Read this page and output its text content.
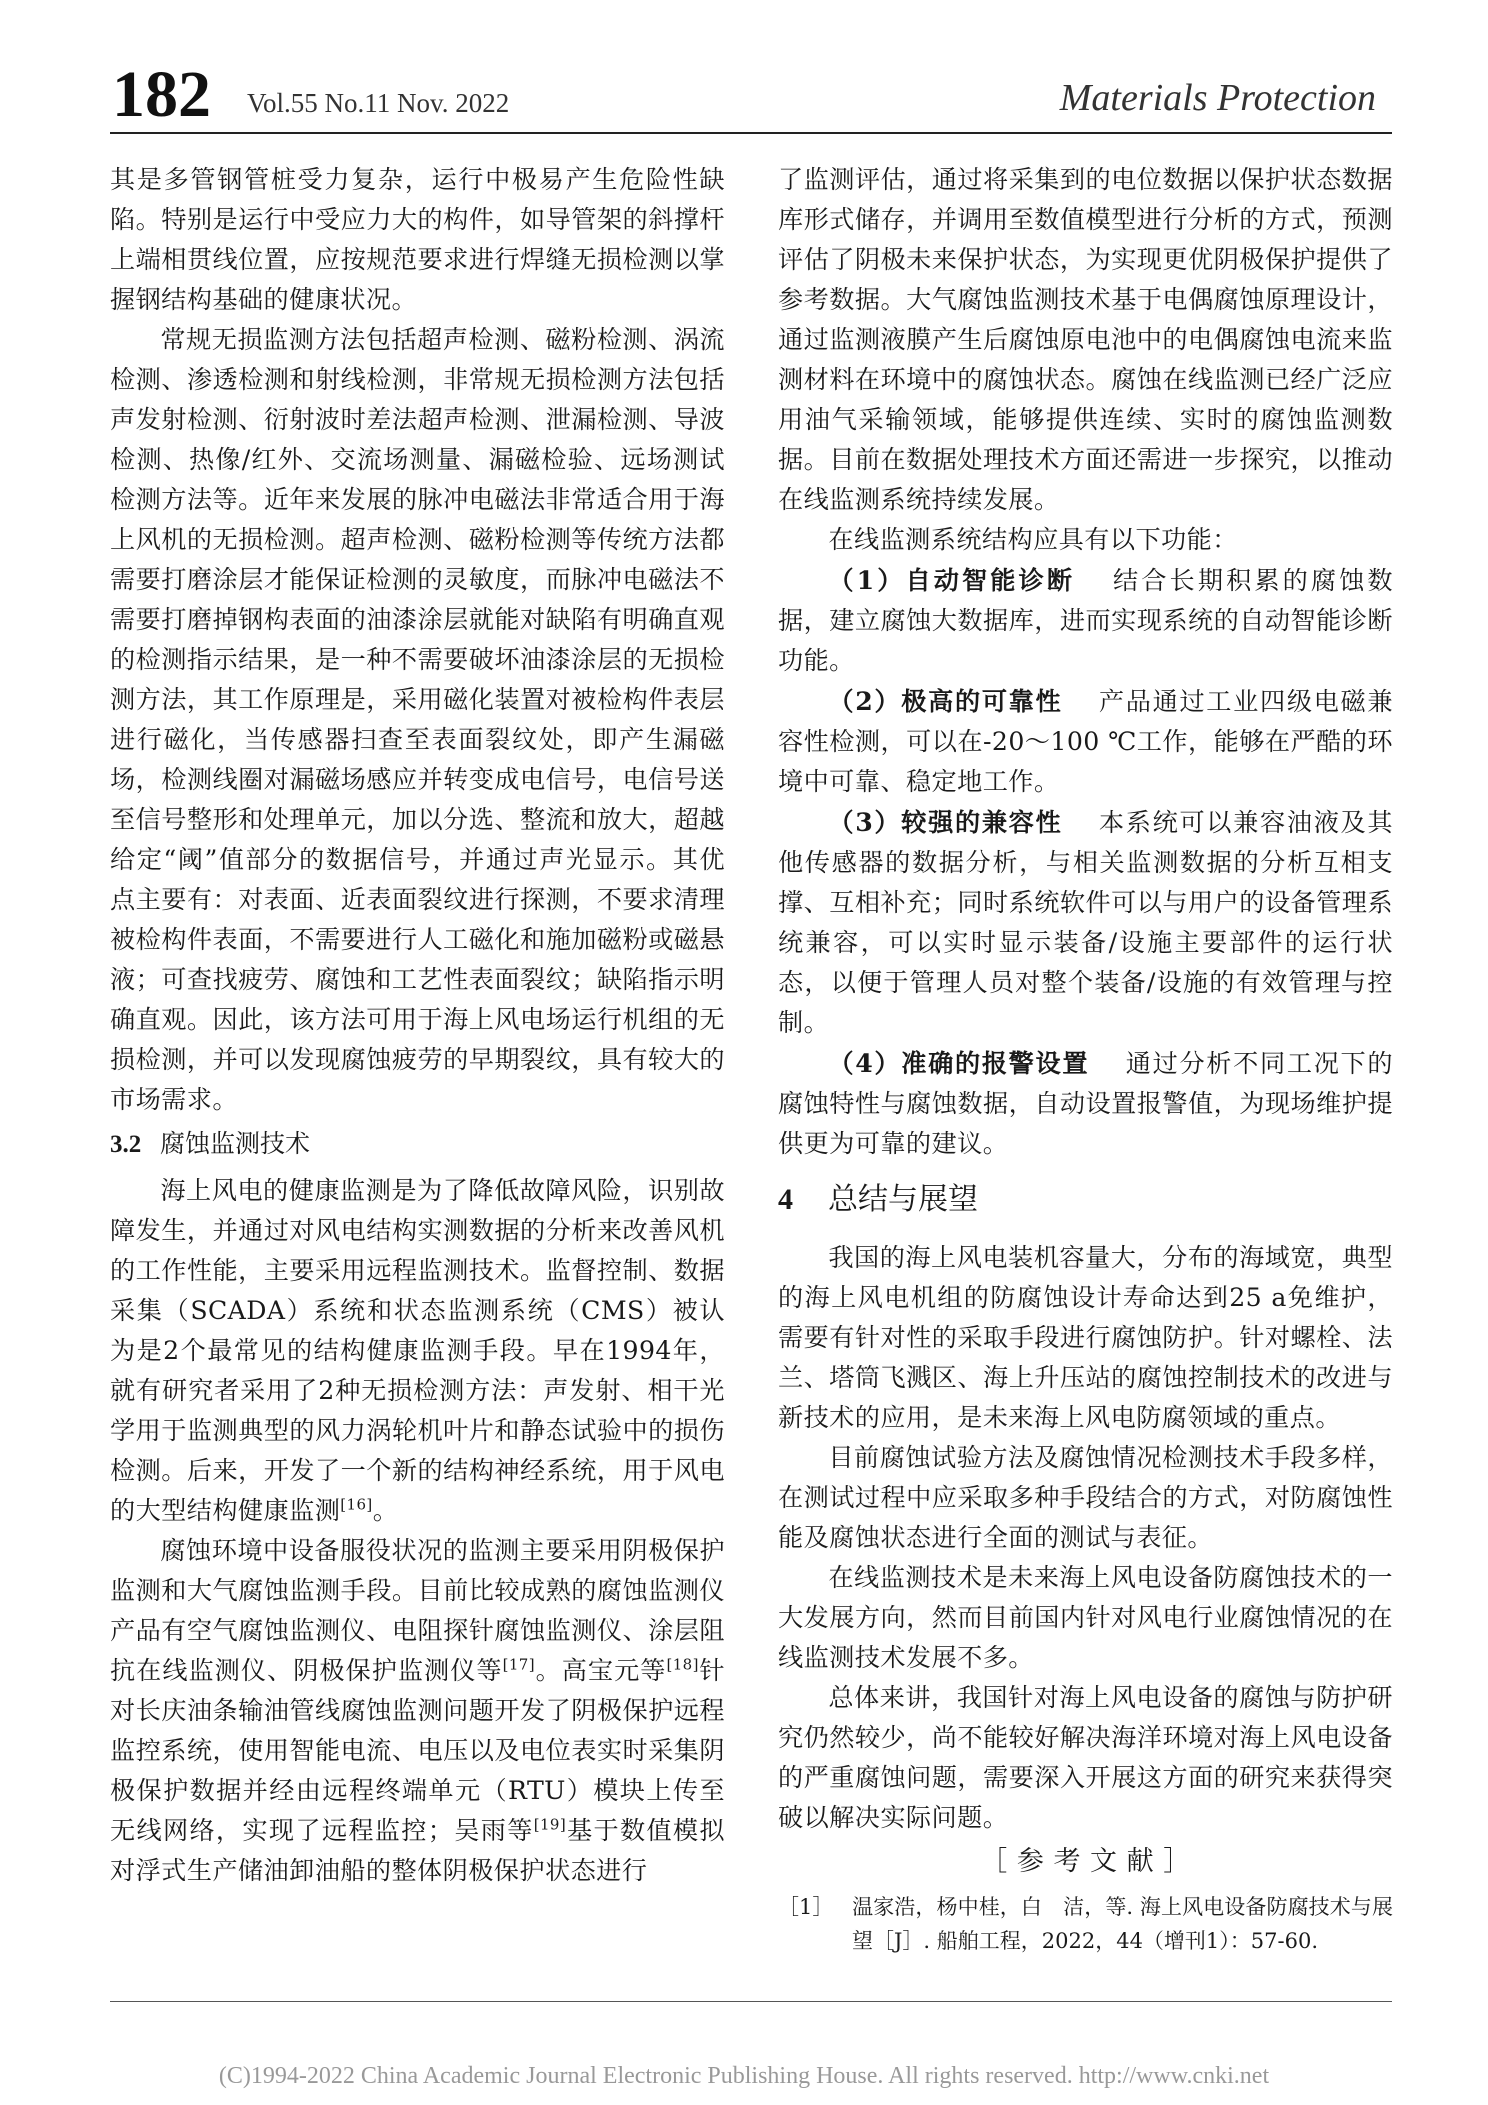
182 Vol.55 No.11 Nov. 2022	Materials Protection

其是多管钢管桩受力复杂，运行中极易产生危险性缺陷。特别是运行中受应力大的构件，如导管架的斜撑杆上端相贯线位置，应按规范要求进行焊缝无损检测以掌握钢结构基础的健康状况。

常规无损监测方法包括超声检测、磁粉检测、涡流检测、渗透检测和射线检测，非常规无损检测方法包括声发射检测、衍射波时差法超声检测、泄漏检测、导波检测、热像/红外、交流场测量、漏磁检验、远场测试检测方法等。近年来发展的脉冲电磁法非常适合用于海上风机的无损检测。超声检测、磁粉检测等传统方法都需要打磨涂层才能保证检测的灵敏度，而脉冲电磁法不需要打磨掉钢构表面的油漆涂层就能对缺陷有明确直观的检测指示结果，是一种不需要破坏油漆涂层的无损检测方法，其工作原理是，采用磁化装置对被检构件表层进行磁化，当传感器扫查至表面裂纹处，即产生漏磁场，检测线圈对漏磁场感应并转变成电信号，电信号送至信号整形和处理单元，加以分选、整流和放大，超越给定“阈”值部分的数据信号，并通过声光显示。其优点主要有：对表面、近表面裂纹进行探测，不要求清理被检构件表面，不需要进行人工磁化和施加磁粉或磁悬液；可查找疲劳、腐蚀和工艺性表面裂纹；缺陷指示明确直观。因此，该方法可用于海上风电场运行机组的无损检测，并可以发现腐蚀疲劳的早期裂纹，具有较大的市场需求。

3.2 腐蚀监测技术

海上风电的健康监测是为了降低故障风险，识别故障发生，并通过对风电结构实测数据的分析来改善风机的工作性能，主要采用远程监测技术。监督控制、数据采集（SCADA）系统和状态监测系统（CMS）被认为是2个最常见的结构健康监测手段。早在1994年，就有研究者采用了2种无损检测方法：声发射、相干光学用于监测典型的风力涡轮机叶片和静态试验中的损伤检测。后来，开发了一个新的结构神经系统，用于风电的大型结构健康监测[16]。

腐蚀环境中设备服役状况的监测主要采用阴极保护监测和大气腐蚀监测手段。目前比较成熟的腐蚀监测仪产品有空气腐蚀监测仪、电阻探针腐蚀监测仪、涂层阻抗在线监测仪、阴极保护监测仪等[17]。高宝元等[18]针对长庆油条输油管线腐蚀监测问题开发了阴极保护远程监控系统，使用智能电流、电压以及电位表实时采集阴极保护数据并经由远程终端单元（RTU）模块上传至无线网络，实现了远程监控；吴雨等[19]基于数值模拟对浮式生产储油卸油船的整体阴极保护状态进行

了监测评估，通过将采集到的电位数据以保护状态数据库形式储存，并调用至数值模型进行分析的方式，预测评估了阴极未来保护状态，为实现更优阴极保护提供了参考数据。大气腐蚀监测技术基于电偶腐蚀原理设计，通过监测液膜产生后腐蚀原电池中的电偶腐蚀电流来监测材料在环境中的腐蚀状态。腐蚀在线监测已经广泛应用油气采输领域，能够提供连续、实时的腐蚀监测数据。目前在数据处理技术方面还需进一步探究，以推动在线监测系统持续发展。

在线监测系统结构应具有以下功能：

（1）自动智能诊断 结合长期积累的腐蚀数据，建立腐蚀大数据库，进而实现系统的自动智能诊断功能。

（2）极高的可靠性 产品通过工业四级电磁兼容性检测，可以在-20～100 ℃工作，能够在严酷的环境中可靠、稳定地工作。

（3）较强的兼容性 本系统可以兼容油液及其他传感器的数据分析，与相关监测数据的分析互相支撑、互相补充；同时系统软件可以与用户的设备管理系统兼容，可以实时显示装备/设施主要部件的运行状态，以便于管理人员对整个装备/设施的有效管理与控制。

（4）准确的报警设置 通过分析不同工况下的腐蚀特性与腐蚀数据，自动设置报警值，为现场维护提供更为可靠的建议。

4 总结与展望

我国的海上风电装机容量大，分布的海域宽，典型的海上风电机组的防腐蚀设计寿命达到25 a免维护，需要有针对性的采取手段进行腐蚀防护。针对螺栓、法兰、塔筒飞溅区、海上升压站的腐蚀控制技术的改进与新技术的应用，是未来海上风电防腐领域的重点。

目前腐蚀试验方法及腐蚀情况检测技术手段多样，在测试过程中应采取多种手段结合的方式，对防腐蚀性能及腐蚀状态进行全面的测试与表征。

在线监测技术是未来海上风电设备防腐蚀技术的一大发展方向，然而目前国内针对风电行业腐蚀情况的在线监测技术发展不多。

总体来讲，我国针对海上风电设备的腐蚀与防护研究仍然较少，尚不能较好解决海洋环境对海上风电设备的严重腐蚀问题，需要深入开展这方面的研究来获得突破以解决实际问题。

［ 参 考 文 献 ］

［1］ 温家浩，杨中桂，白　洁，等. 海上风电设备防腐技术与展望［J］. 船舶工程，2022，44（增刊1）：57-60.

(C)1994-2022 China Academic Journal Electronic Publishing House. All rights reserved. http://www.cnki.net
